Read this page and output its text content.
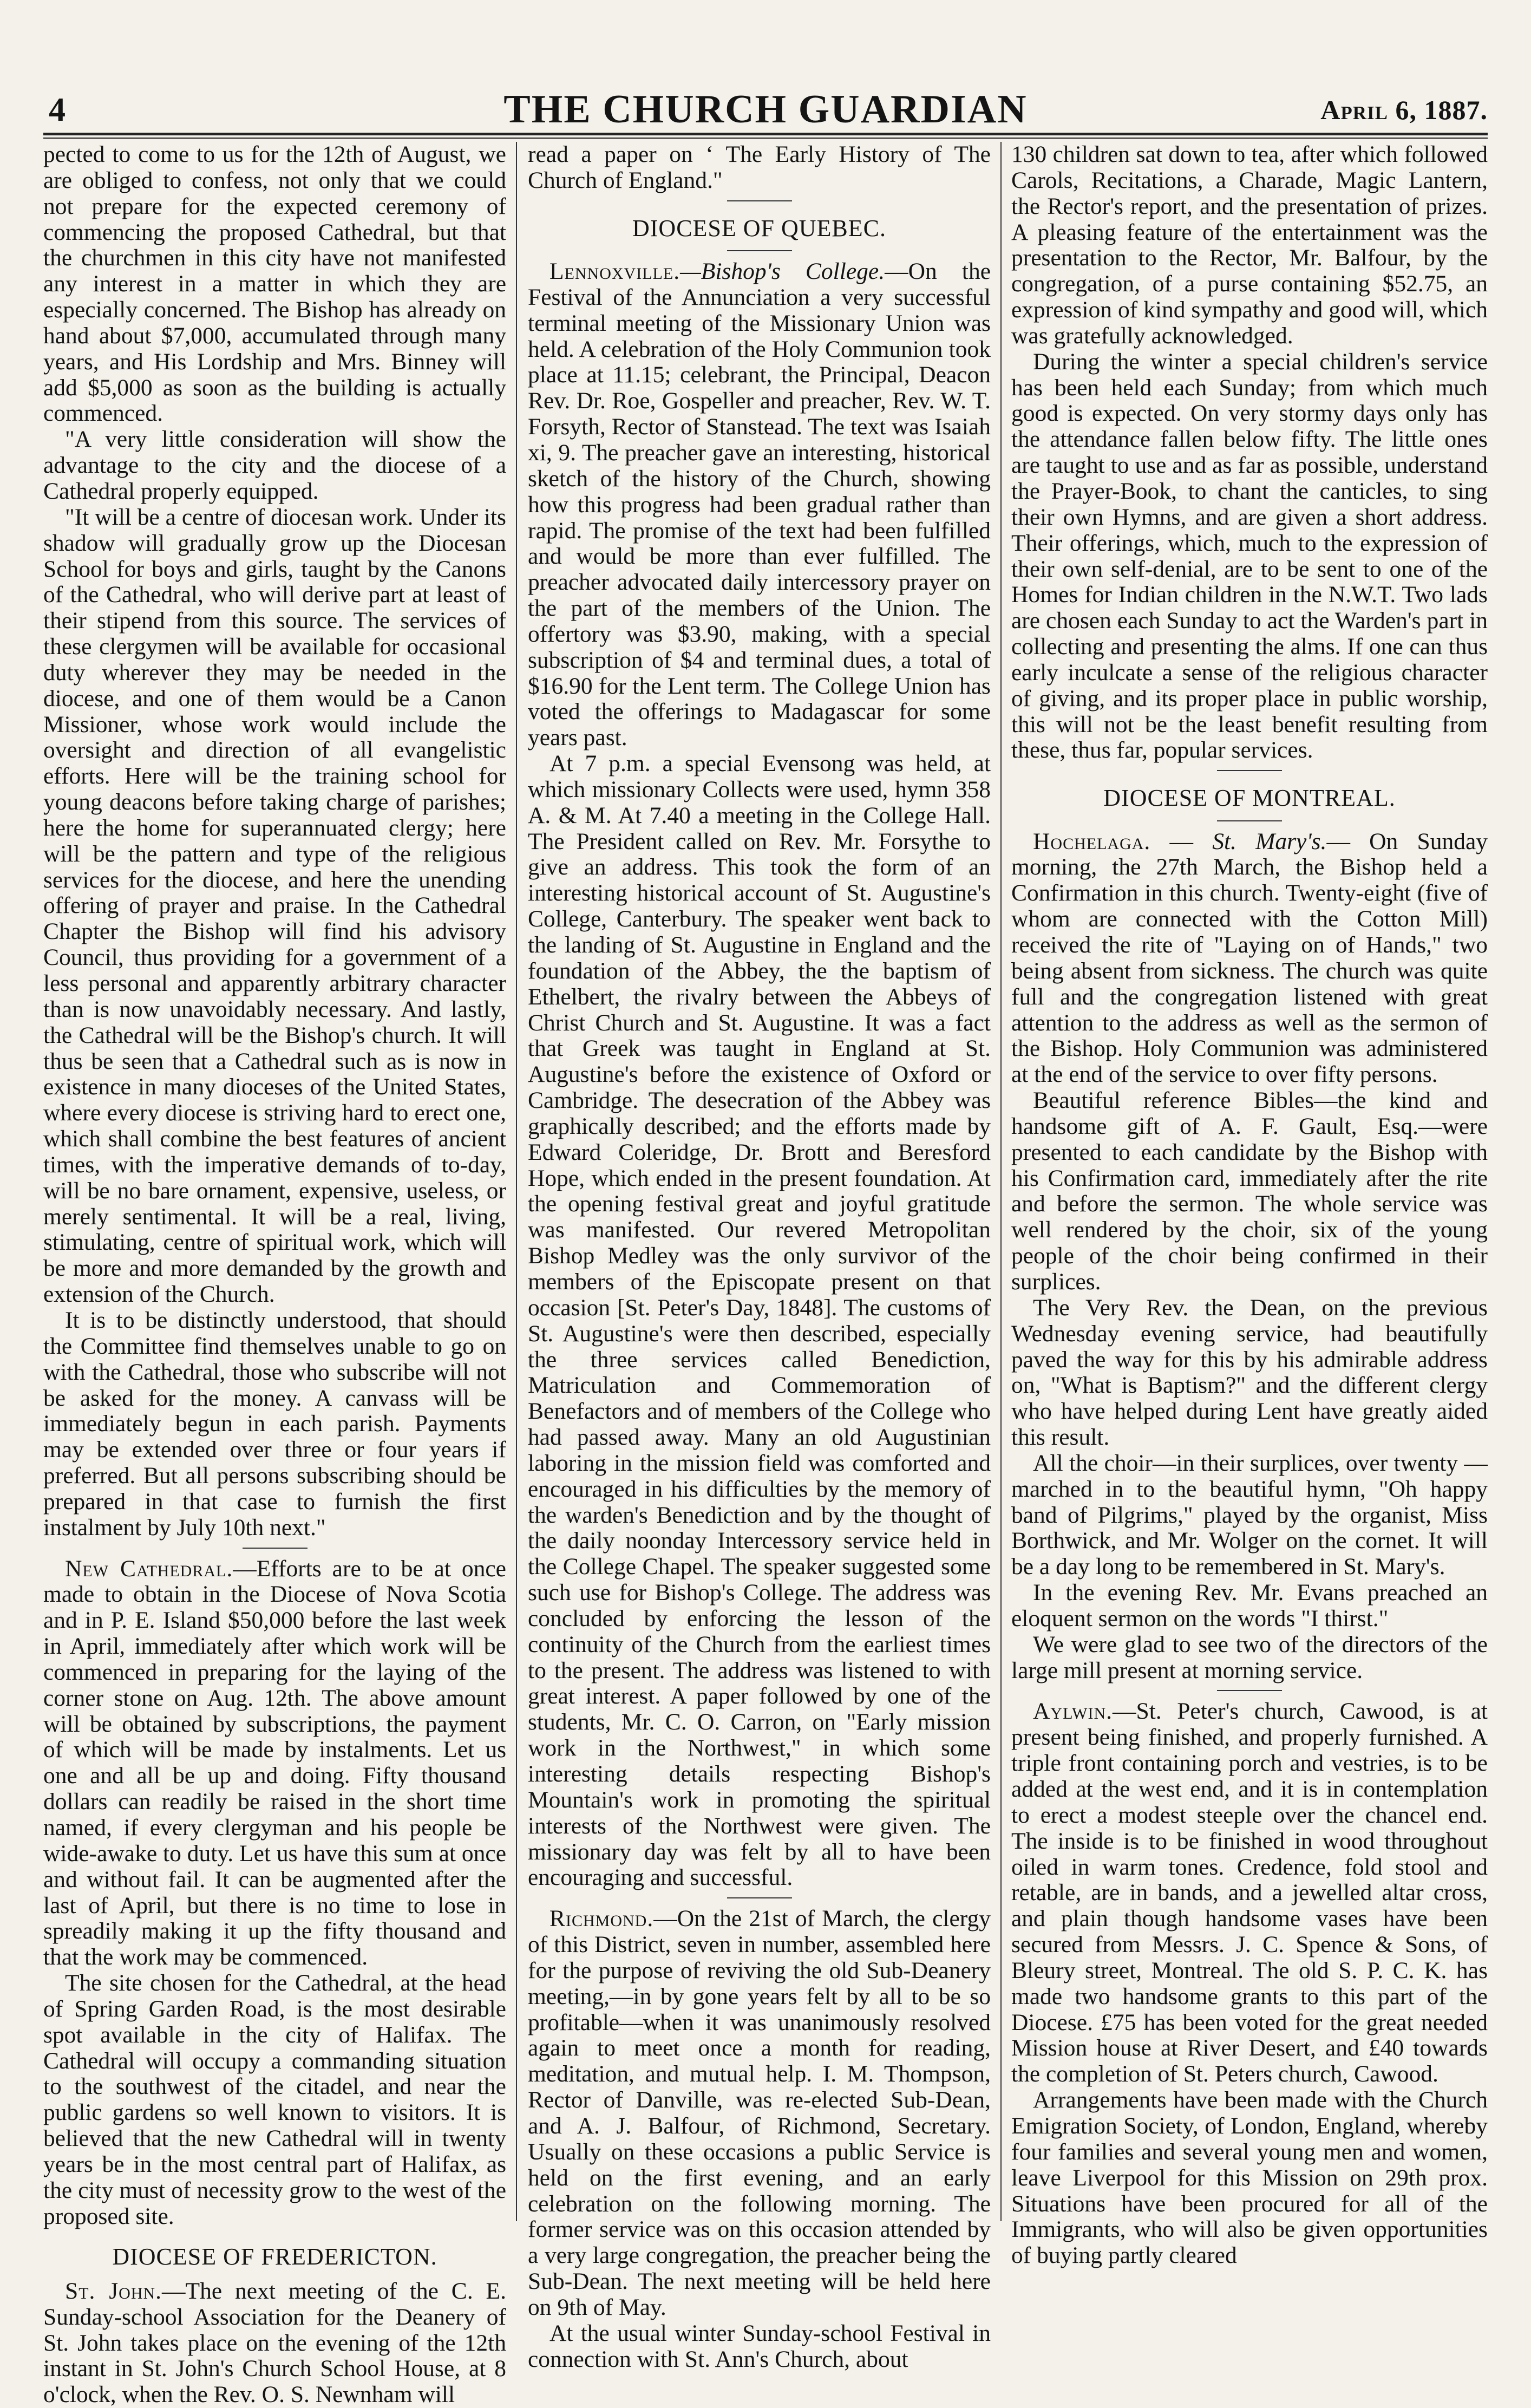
4	THE CHURCH GUARDIAN	April 6, 1887.

pected to come to us for the 12th of August, we are obliged to confess, not only that we could not prepare for the expected ceremony of commencing the proposed Cathedral, but that the churchmen in this city have not manifested any interest in a matter in which they are especially concerned. The Bishop has already on hand about $7,000, accumulated through many years, and His Lordship and Mrs. Binney will add $5,000 as soon as the building is actually commenced.

"A very little consideration will show the advantage to the city and the diocese of a Cathedral properly equipped.

"It will be a centre of diocesan work. Under its shadow will gradually grow up the Diocesan School for boys and girls, taught by the Canons of the Cathedral, who will derive part at least of their stipend from this source. The services of these clergymen will be available for occasional duty wherever they may be needed in the diocese, and one of them would be a Canon Missioner, whose work would include the oversight and direction of all evangelistic efforts. Here will be the training school for young deacons before taking charge of parishes; here the home for superannuated clergy; here will be the pattern and type of the religious services for the diocese, and here the unending offering of prayer and praise. In the Cathedral Chapter the Bishop will find his advisory Council, thus providing for a government of a less personal and apparently arbitrary character than is now unavoidably necessary. And lastly, the Cathedral will be the Bishop's church. It will thus be seen that a Cathedral such as is now in existence in many dioceses of the United States, where every diocese is striving hard to erect one, which shall combine the best features of ancient times, with the imperative demands of to-day, will be no bare ornament, expensive, useless, or merely sentimental. It will be a real, living, stimulating, centre of spiritual work, which will be more and more demanded by the growth and extension of the Church.

It is to be distinctly understood, that should the Committee find themselves unable to go on with the Cathedral, those who subscribe will not be asked for the money. A canvass will be immediately begun in each parish. Payments may be extended over three or four years if preferred. But all persons subscribing should be prepared in that case to furnish the first instalment by July 10th next."

New Cathedral.—Efforts are to be at once made to obtain in the Diocese of Nova Scotia and in P. E. Island $50,000 before the last week in April, immediately after which work will be commenced in preparing for the laying of the corner stone on Aug. 12th. The above amount will be obtained by subscriptions, the payment of which will be made by instalments. Let us one and all be up and doing. Fifty thousand dollars can readily be raised in the short time named, if every clergyman and his people be wide-awake to duty. Let us have this sum at once and without fail. It can be augmented after the last of April, but there is no time to lose in spreadily making it up the fifty thousand and that the work may be commenced.

The site chosen for the Cathedral, at the head of Spring Garden Road, is the most desirable spot available in the city of Halifax. The Cathedral will occupy a commanding situation to the southwest of the citadel, and near the public gardens so well known to visitors. It is believed that the new Cathedral will in twenty years be in the most central part of Halifax, as the city must of necessity grow to the west of the proposed site.

DIOCESE OF FREDERICTON.

St. John.—The next meeting of the C. E. Sunday-school Association for the Deanery of St. John takes place on the evening of the 12th instant in St. John's Church School House, at 8 o'clock, when the Rev. O. S. Newnham will

read a paper on ‘ The Early History of The Church of England."

DIOCESE OF QUEBEC.

Lennoxville.—Bishop's College.—On the Festival of the Annunciation a very successful terminal meeting of the Missionary Union was held. A celebration of the Holy Communion took place at 11.15; celebrant, the Principal, Deacon Rev. Dr. Roe, Gospeller and preacher, Rev. W. T. Forsyth, Rector of Stanstead. The text was Isaiah xi, 9. The preacher gave an interesting, historical sketch of the history of the Church, showing how this progress had been gradual rather than rapid. The promise of the text had been fulfilled and would be more than ever fulfilled. The preacher advocated daily intercessory prayer on the part of the members of the Union. The offertory was $3.90, making, with a special subscription of $4 and terminal dues, a total of $16.90 for the Lent term. The College Union has voted the offerings to Madagascar for some years past.

At 7 p.m. a special Evensong was held, at which missionary Collects were used, hymn 358 A. & M. At 7.40 a meeting in the College Hall. The President called on Rev. Mr. Forsythe to give an address. This took the form of an interesting historical account of St. Augustine's College, Canterbury. The speaker went back to the landing of St. Augustine in England and the foundation of the Abbey, the the baptism of Ethelbert, the rivalry between the Abbeys of Christ Church and St. Augustine. It was a fact that Greek was taught in England at St. Augustine's before the existence of Oxford or Cambridge. The desecration of the Abbey was graphically described; and the efforts made by Edward Coleridge, Dr. Brott and Beresford Hope, which ended in the present foundation. At the opening festival great and joyful gratitude was manifested. Our revered Metropolitan Bishop Medley was the only survivor of the members of the Episcopate present on that occasion [St. Peter's Day, 1848]. The customs of St. Augustine's were then described, especially the three services called Benediction, Matriculation and Commemoration of Benefactors and of members of the College who had passed away. Many an old Augustinian laboring in the mission field was comforted and encouraged in his difficulties by the memory of the warden's Benediction and by the thought of the daily noonday Intercessory service held in the College Chapel. The speaker suggested some such use for Bishop's College. The address was concluded by enforcing the lesson of the continuity of the Church from the earliest times to the present. The address was listened to with great interest. A paper followed by one of the students, Mr. C. O. Carron, on "Early mission work in the Northwest," in which some interesting details respecting Bishop's Mountain's work in promoting the spiritual interests of the Northwest were given. The missionary day was felt by all to have been encouraging and successful.

Richmond.—On the 21st of March, the clergy of this District, seven in number, assembled here for the purpose of reviving the old Sub-Deanery meeting,—in by gone years felt by all to be so profitable—when it was unanimously resolved again to meet once a month for reading, meditation, and mutual help. I. M. Thompson, Rector of Danville, was re-elected Sub-Dean, and A. J. Balfour, of Richmond, Secretary. Usually on these occasions a public Service is held on the first evening, and an early celebration on the following morning. The former service was on this occasion attended by a very large congregation, the preacher being the Sub-Dean. The next meeting will be held here on 9th of May.

At the usual winter Sunday-school Festival in connection with St. Ann's Church, about

130 children sat down to tea, after which followed Carols, Recitations, a Charade, Magic Lantern, the Rector's report, and the presentation of prizes. A pleasing feature of the entertainment was the presentation to the Rector, Mr. Balfour, by the congregation, of a purse containing $52.75, an expression of kind sympathy and good will, which was gratefully acknowledged.

During the winter a special children's service has been held each Sunday; from which much good is expected. On very stormy days only has the attendance fallen below fifty. The little ones are taught to use and as far as possible, understand the Prayer-Book, to chant the canticles, to sing their own Hymns, and are given a short address. Their offerings, which, much to the expression of their own self-denial, are to be sent to one of the Homes for Indian children in the N.W.T. Two lads are chosen each Sunday to act the Warden's part in collecting and presenting the alms. If one can thus early inculcate a sense of the religious character of giving, and its proper place in public worship, this will not be the least benefit resulting from these, thus far, popular services.

DIOCESE OF MONTREAL.

Hochelaga. — St. Mary's.— On Sunday morning, the 27th March, the Bishop held a Confirmation in this church. Twenty-eight (five of whom are connected with the Cotton Mill) received the rite of "Laying on of Hands," two being absent from sickness. The church was quite full and the congregation listened with great attention to the address as well as the sermon of the Bishop. Holy Communion was administered at the end of the service to over fifty persons.

Beautiful reference Bibles—the kind and handsome gift of A. F. Gault, Esq.—were presented to each candidate by the Bishop with his Confirmation card, immediately after the rite and before the sermon. The whole service was well rendered by the choir, six of the young people of the choir being confirmed in their surplices.

The Very Rev. the Dean, on the previous Wednesday evening service, had beautifully paved the way for this by his admirable address on, "What is Baptism?" and the different clergy who have helped during Lent have greatly aided this result.

All the choir—in their surplices, over twenty —marched in to the beautiful hymn, "Oh happy band of Pilgrims," played by the organist, Miss Borthwick, and Mr. Wolger on the cornet. It will be a day long to be remembered in St. Mary's.

In the evening Rev. Mr. Evans preached an eloquent sermon on the words "I thirst."

We were glad to see two of the directors of the large mill present at morning service.

Aylwin.—St. Peter's church, Cawood, is at present being finished, and properly furnished. A triple front containing porch and vestries, is to be added at the west end, and it is in contemplation to erect a modest steeple over the chancel end. The inside is to be finished in wood throughout oiled in warm tones. Credence, fold stool and retable, are in bands, and a jewelled altar cross, and plain though handsome vases have been secured from Messrs. J. C. Spence & Sons, of Bleury street, Montreal. The old S. P. C. K. has made two handsome grants to this part of the Diocese. £75 has been voted for the great needed Mission house at River Desert, and £40 towards the completion of St. Peters church, Cawood.

Arrangements have been made with the Church Emigration Society, of London, England, whereby four families and several young men and women, leave Liverpool for this Mission on 29th prox. Situations have been procured for all of the Immigrants, who will also be given opportunities of buying partly cleared
